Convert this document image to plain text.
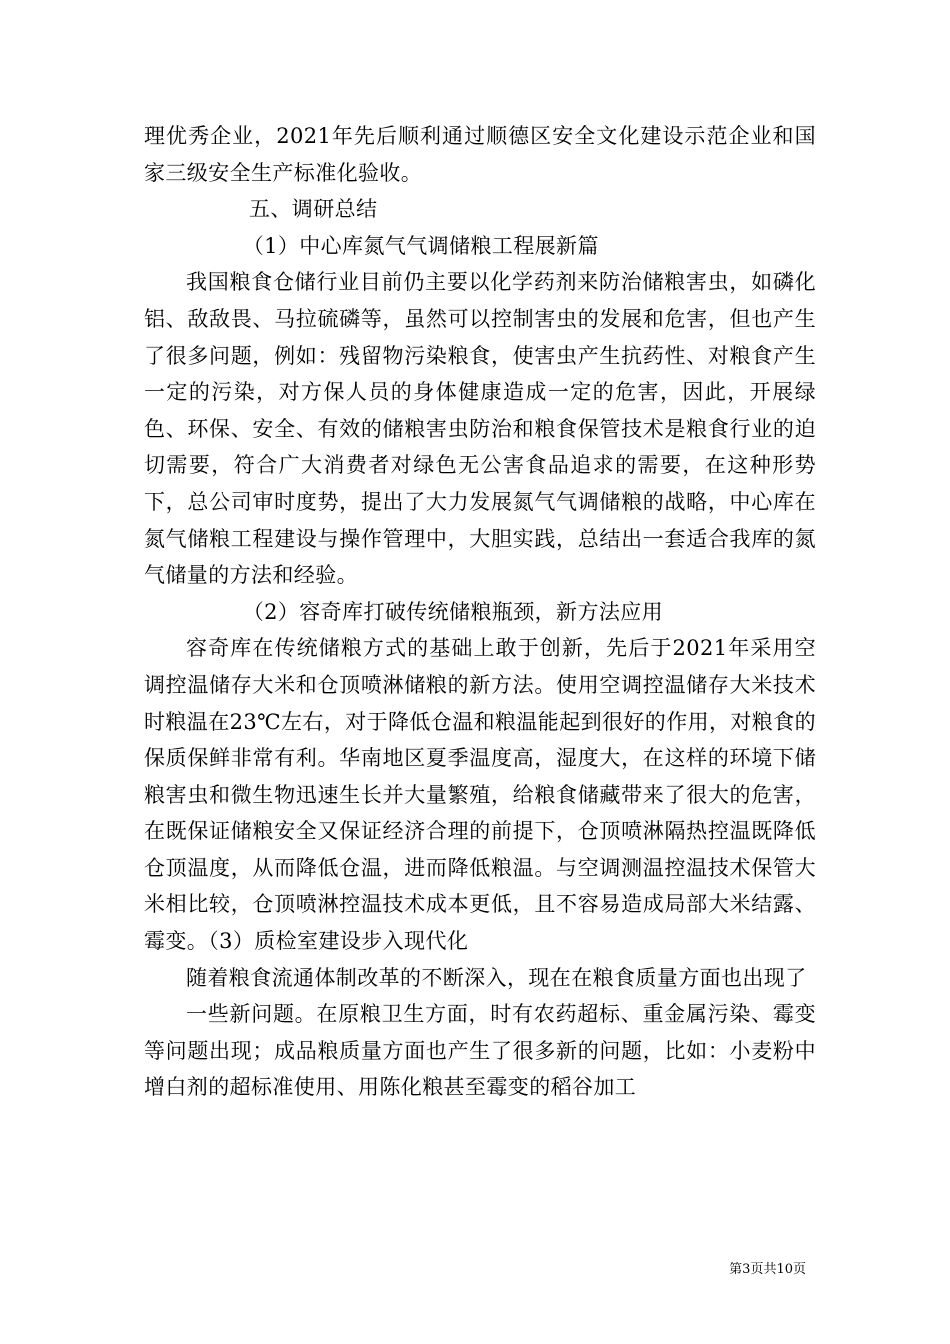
理优秀企业，2021年先后顺利通过顺德区安全文化建设示范企业和国家三级安全生产标准化验收。

五、调研总结

（1）中心库氮气气调储粮工程展新篇

我国粮食仓储行业目前仍主要以化学药剂来防治储粮害虫，如磷化铝、敌敌畏、马拉硫磷等，虽然可以控制害虫的发展和危害，但也产生了很多问题，例如：残留物污染粮食，使害虫产生抗药性、对粮食产生一定的污染，对方保人员的身体健康造成一定的危害，因此，开展绿色、环保、安全、有效的储粮害虫防治和粮食保管技术是粮食行业的迫切需要，符合广大消费者对绿色无公害食品追求的需要，在这种形势下，总公司审时度势，提出了大力发展氮气气调储粮的战略，中心库在氮气储粮工程建设与操作管理中，大胆实践，总结出一套适合我库的氮气储量的方法和经验。

（2）容奇库打破传统储粮瓶颈，新方法应用

容奇库在传统储粮方式的基础上敢于创新，先后于2021年采用空调控温储存大米和仓顶喷淋储粮的新方法。使用空调控温储存大米技术时粮温在23℃左右，对于降低仓温和粮温能起到很好的作用，对粮食的保质保鲜非常有利。华南地区夏季温度高，湿度大，在这样的环境下储粮害虫和微生物迅速生长并大量繁殖，给粮食储藏带来了很大的危害，在既保证储粮安全又保证经济合理的前提下，仓顶喷淋隔热控温既降低仓顶温度，从而降低仓温，进而降低粮温。与空调测温控温技术保管大米相比较，仓顶喷淋控温技术成本更低，且不容易造成局部大米结露、霉变。（3）质检室建设步入现代化

随着粮食流通体制改革的不断深入，现在在粮食质量方面也出现了

一些新问题。在原粮卫生方面，时有农药超标、重金属污染、霉变等问题出现；成品粮质量方面也产生了很多新的问题，比如：小麦粉中增白剂的超标准使用、用陈化粮甚至霉变的稻谷加工

第3页共10页
